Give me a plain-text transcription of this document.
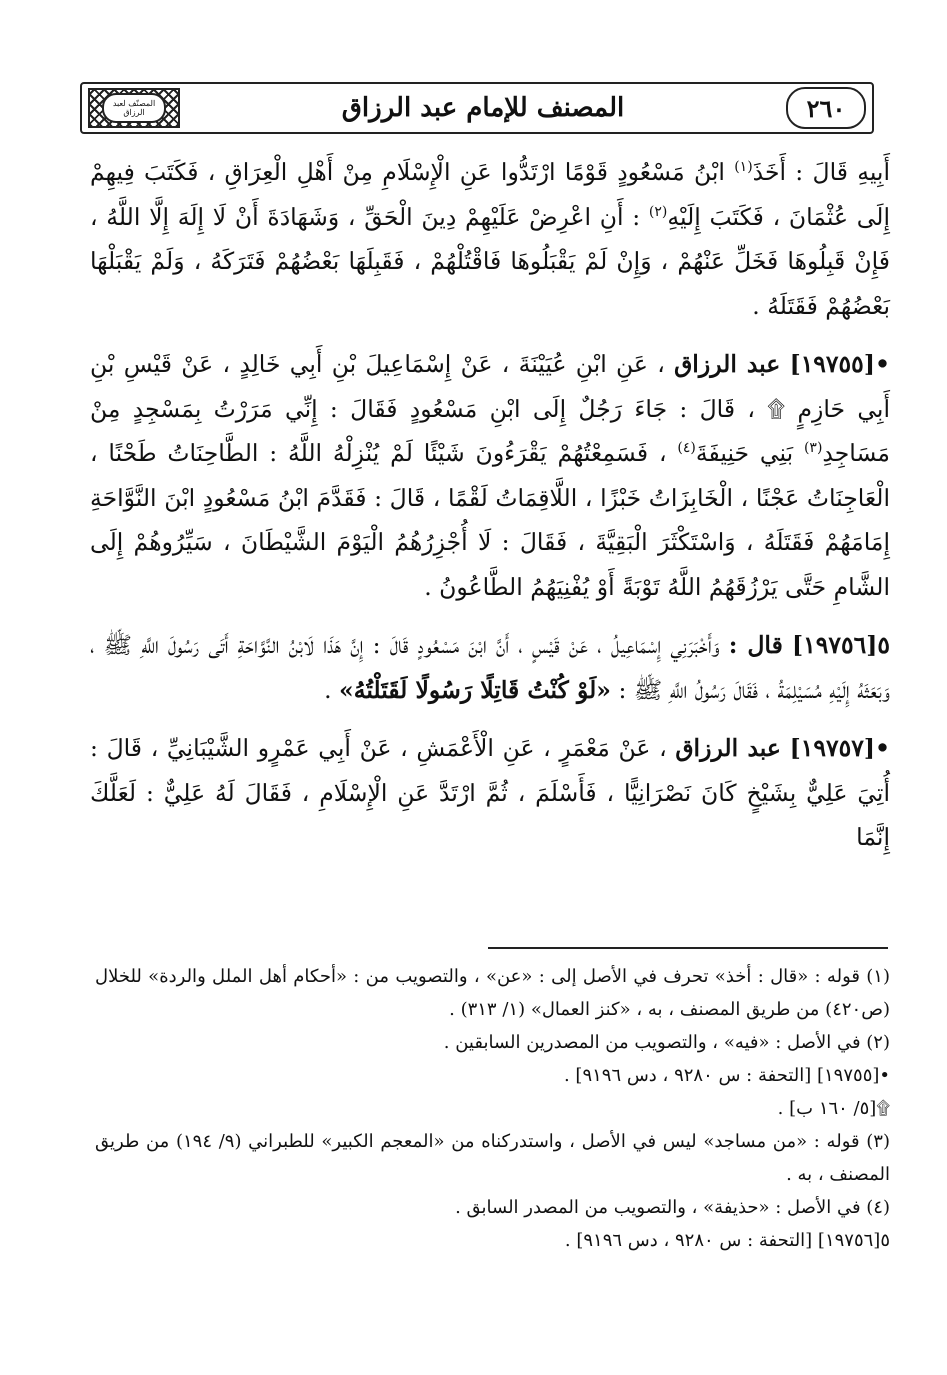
المصنّف لعبد الرزاق	المصنف للإمام عبد الرزاق	٢٦٠

أَبِيهِ قَالَ : أَخَذَ$^{(١)}$ ابْنُ مَسْعُودٍ قَوْمًا ارْتَدُّوا عَنِ الْإِسْلَامِ مِنْ أَهْلِ الْعِرَاقِ ، فَكَتَبَ فِيهِمْ إِلَى عُثْمَانَ ، فَكَتَبَ إِلَيْهِ$^{(٢)}$ : أَنِ اعْرِضْ عَلَيْهِمْ دِينَ الْحَقِّ ، وَشَهَادَةَ أَنْ لَا إِلَهَ إِلَّا اللَّهُ ، فَإِنْ قَبِلُوهَا فَخَلِّ عَنْهُمْ ، وَإِنْ لَمْ يَقْبَلُوهَا فَاقْتُلْهُمْ ، فَقَبِلَهَا بَعْضُهُمْ فَتَرَكَهُ ، وَلَمْ يَقْبَلْهَا بَعْضُهُمْ فَقَتَلَهُ .

•[١٩٧٥٥] عبد الرزاق ، عَنِ ابْنِ عُيَيْنَةَ ، عَنْ إِسْمَاعِيلَ بْنِ أَبِي خَالِدٍ ، عَنْ قَيْسِ بْنِ أَبِي حَازِمٍ ۩ ، قَالَ : جَاءَ رَجُلٌ إِلَى ابْنِ مَسْعُودٍ فَقَالَ : إِنِّي مَرَرْتُ بِمَسْجِدٍ مِنْ مَسَاجِدِ$^{(٣)}$ بَنِي حَنِيفَةَ$^{(٤)}$ ، فَسَمِعْتُهُمْ يَقْرَءُونَ شَيْئًا لَمْ يُنْزِلْهُ اللَّهُ : الطَّاحِنَاتُ طَحْنًا ، الْعَاجِنَاتُ عَجْنًا ، الْخَابِزَاتُ خَبْزًا ، اللَّاقِمَاتُ لَقْمًا ، قَالَ : فَقَدَّمَ ابْنُ مَسْعُودٍ ابْنَ النَّوَّاحَةِ إِمَامَهُمْ فَقَتَلَهُ ، وَاسْتَكْثَرَ الْبَقِيَّةَ ، فَقَالَ : لَا أُجْزِرُهُمُ الْيَوْمَ الشَّيْطَانَ ، سَيِّرُوهُمْ إِلَى الشَّامِ حَتَّى يَرْزُقَهُمُ اللَّهُ تَوْبَةً أَوْ يُفْنِيَهُمُ الطَّاعُونُ .

٥[١٩٧٥٦] قال : وَأَخْبَرَنِي إِسْمَاعِيلُ ، عَنْ قَيْسٍ ، أَنَّ ابْنَ مَسْعُودٍ قَالَ : إِنَّ هَذَا لَابْنُ النَّوَّاحَةِ أَتَى رَسُولَ اللَّهِ ﷺ ، وَبَعَثَهُ إِلَيْهِ مُسَيْلِمَةُ ، فَقَالَ رَسُولُ اللَّهِ ﷺ : «لَوْ كُنْتُ قَاتِلًا رَسُولًا لَقَتَلْتُهُ» .

•[١٩٧٥٧] عبد الرزاق ، عَنْ مَعْمَرٍ ، عَنِ الْأَعْمَشِ ، عَنْ أَبِي عَمْرٍو الشَّيْبَانِيِّ ، قَالَ : أُتِيَ عَلِيٌّ بِشَيْخٍ كَانَ نَصْرَانِيًّا ، فَأَسْلَمَ ، ثُمَّ ارْتَدَّ عَنِ الْإِسْلَامِ ، فَقَالَ لَهُ عَلِيٌّ : لَعَلَّكَ إِنَّمَا

(١) قوله : «قال : أخذ» تحرف في الأصل إلى : «عن» ، والتصويب من : «أحكام أهل الملل والردة» للخلال (ص٤٢٠) من طريق المصنف ، به ، «كنز العمال» (١/ ٣١٣) .

(٢) في الأصل : «فيه» ، والتصويب من المصدرين السابقين .

•[١٩٧٥٥] [التحفة : س ٩٢٨٠ ، دس ٩١٩٦] .

۩[٥/ ١٦٠ ب] .

(٣) قوله : «من مساجد» ليس في الأصل ، واستدركناه من «المعجم الكبير» للطبراني (٩/ ١٩٤) من طريق المصنف ، به .

(٤) في الأصل : «حذيفة» ، والتصويب من المصدر السابق .

٥[١٩٧٥٦] [التحفة : س ٩٢٨٠ ، دس ٩١٩٦] .
